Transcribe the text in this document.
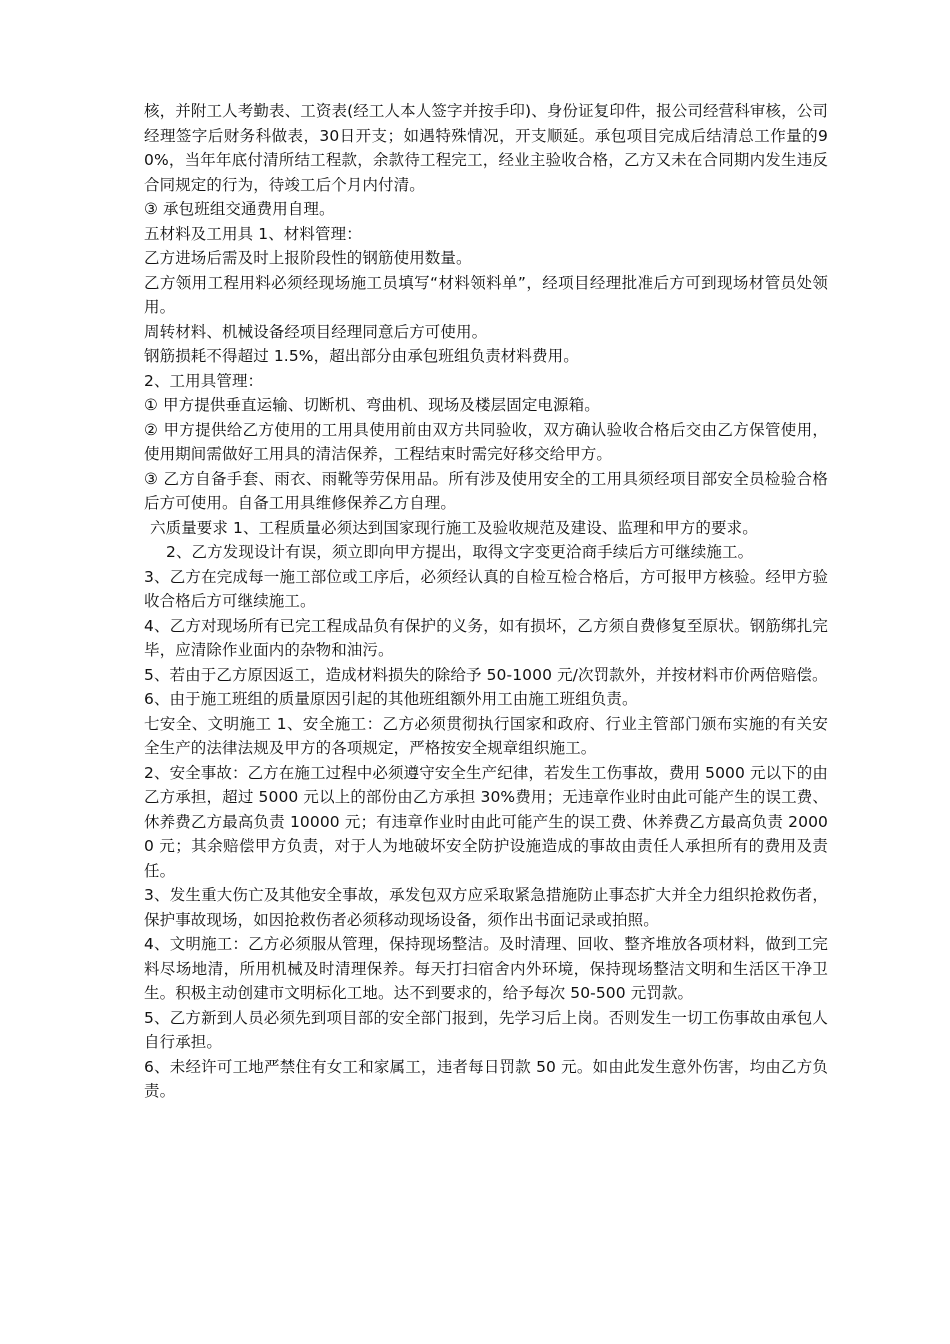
核，并附工人考勤表、工资表(经工人本人签字并按手印)、身份证复印件，报公司经营科审核，公司经理签字后财务科做表，30日开支；如遇特殊情况，开支顺延。承包项目完成后结清总工作量的90%，当年年底付清所结工程款，余款待工程完工，经业主验收合格，乙方又未在合同期内发生违反合同规定的行为，待竣工后个月内付清。

③ 承包班组交通费用自理。

五材料及工用具 1、材料管理：

乙方进场后需及时上报阶段性的钢筋使用数量。

乙方领用工程用料必须经现场施工员填写“材料领料单”，经项目经理批准后方可到现场材管员处领用。

周转材料、机械设备经项目经理同意后方可使用。

钢筋损耗不得超过 1.5%，超出部分由承包班组负责材料费用。

2、工用具管理：

① 甲方提供垂直运输、切断机、弯曲机、现场及楼层固定电源箱。

② 甲方提供给乙方使用的工用具使用前由双方共同验收，双方确认验收合格后交由乙方保管使用，使用期间需做好工用具的清洁保养，工程结束时需完好移交给甲方。

③ 乙方自备手套、雨衣、雨靴等劳保用品。所有涉及使用安全的工用具须经项目部安全员检验合格后方可使用。自备工用具维修保养乙方自理。

六质量要求 1、工程质量必须达到国家现行施工及验收规范及建设、监理和甲方的要求。

2、乙方发现设计有误，须立即向甲方提出，取得文字变更洽商手续后方可继续施工。

3、乙方在完成每一施工部位或工序后，必须经认真的自检互检合格后，方可报甲方核验。经甲方验收合格后方可继续施工。

4、乙方对现场所有已完工程成品负有保护的义务，如有损坏，乙方须自费修复至原状。钢筋绑扎完毕，应清除作业面内的杂物和油污。

5、若由于乙方原因返工，造成材料损失的除给予 50-1000 元/次罚款外，并按材料市价两倍赔偿。

6、由于施工班组的质量原因引起的其他班组额外用工由施工班组负责。

七安全、文明施工 1、安全施工：乙方必须贯彻执行国家和政府、行业主管部门颁布实施的有关安全生产的法律法规及甲方的各项规定，严格按安全规章组织施工。

2、安全事故：乙方在施工过程中必须遵守安全生产纪律，若发生工伤事故，费用 5000 元以下的由乙方承担，超过 5000 元以上的部份由乙方承担 30%费用；无违章作业时由此可能产生的误工费、休养费乙方最高负责 10000 元；有违章作业时由此可能产生的误工费、休养费乙方最高负责 20000 元；其余赔偿甲方负责，对于人为地破坏安全防护设施造成的事故由责任人承担所有的费用及责任。

3、发生重大伤亡及其他安全事故，承发包双方应采取紧急措施防止事态扩大并全力组织抢救伤者，保护事故现场，如因抢救伤者必须移动现场设备，须作出书面记录或拍照。

4、文明施工：乙方必须服从管理，保持现场整洁。及时清理、回收、整齐堆放各项材料，做到工完料尽场地清，所用机械及时清理保养。每天打扫宿舍内外环境，保持现场整洁文明和生活区干净卫生。积极主动创建市文明标化工地。达不到要求的，给予每次 50-500 元罚款。

5、乙方新到人员必须先到项目部的安全部门报到，先学习后上岗。否则发生一切工伤事故由承包人自行承担。

6、未经许可工地严禁住有女工和家属工，违者每日罚款 50 元。如由此发生意外伤害，均由乙方负责。
